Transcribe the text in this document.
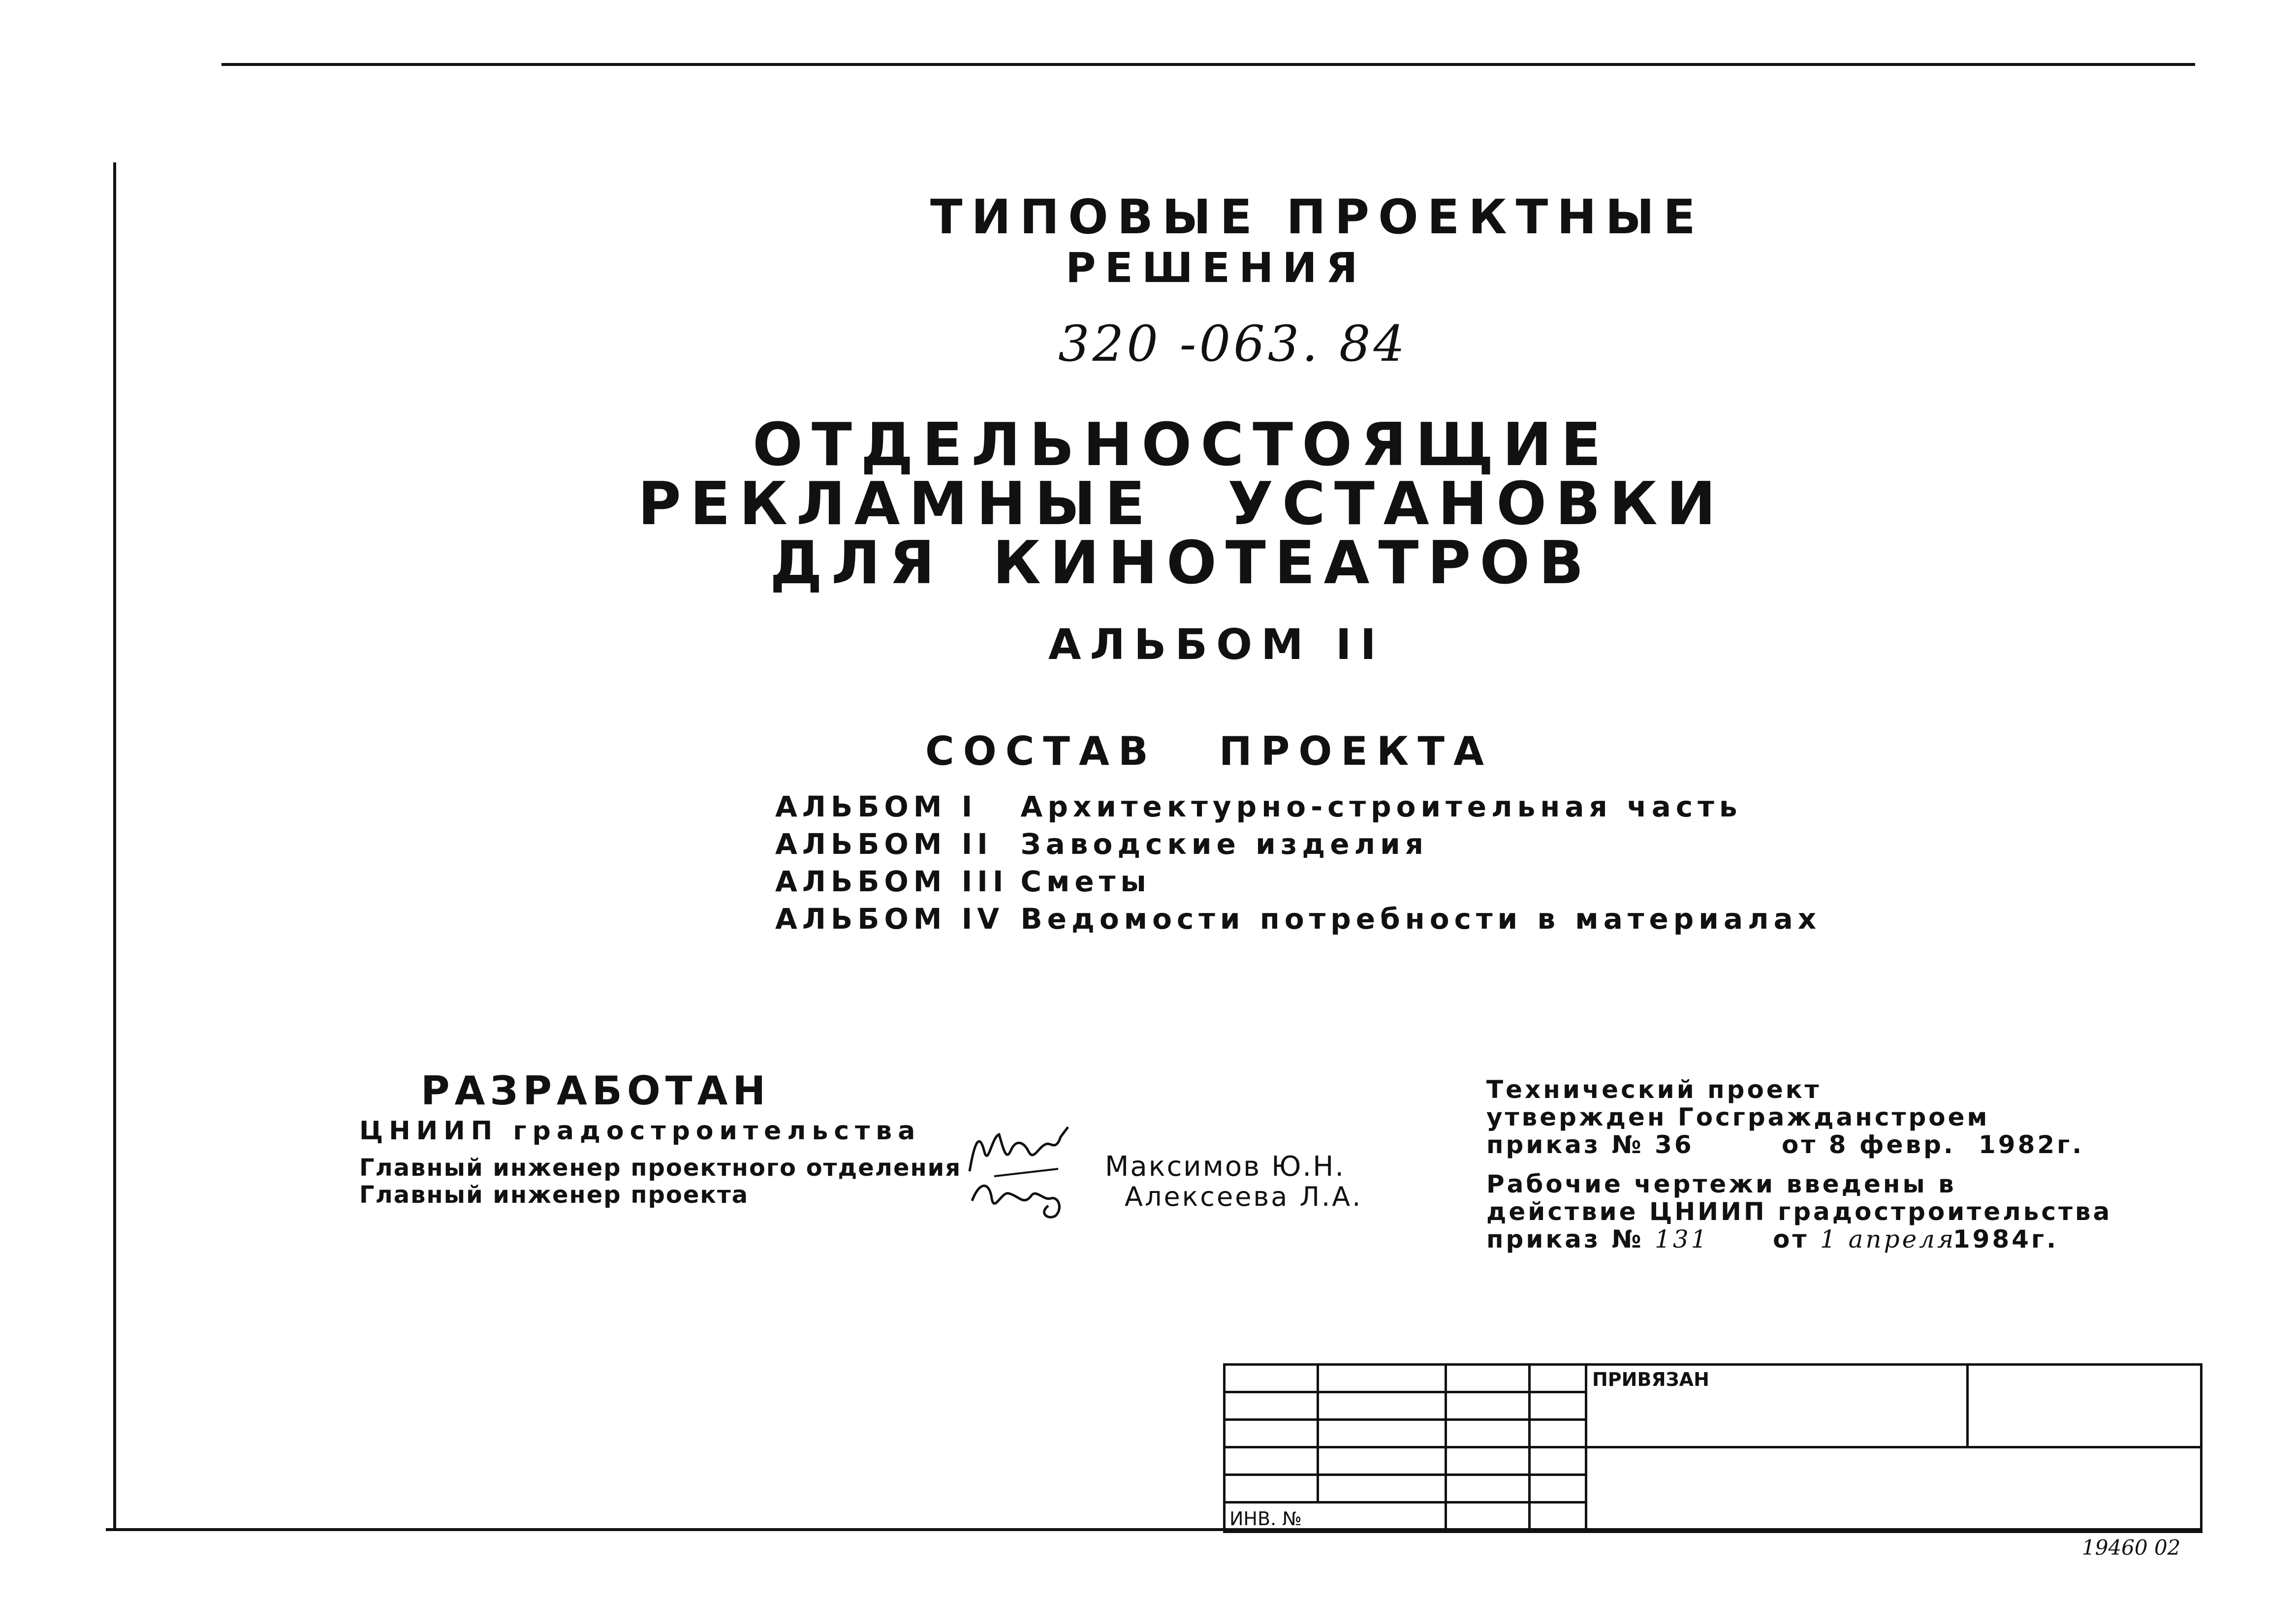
ТИПОВЫЕ ПРОЕКТНЫЕ
РЕШЕНИЯ
320 -063. 84
ОТДЕЛЬНОСТОЯЩИЕ
РЕКЛАМНЫЕ УСТАНОВКИ
ДЛЯ КИНОТЕАТРОВ
АЛЬБОМ II
СОСТАВ ПРОЕКТА
АЛЬБОМ I Архитектурно-строительная часть
АЛЬБОМ II Заводские изделия
АЛЬБОМ III Сметы
АЛЬБОМ IV Ведомости потребности в материалах
РАЗРАБОТАН
ЦНИИП градостроительства
Главный инженер проектного отделения
Главный инженер проекта
Максимов Ю.Н.
Алексеева Л.А.
Технический проект
утвержден Госгражданстроем
приказ № 36	от 8 февр. 1982г.
Рабочие чертежи введены в
действие ЦНИИП градостроительства
приказ № 131	от 1 апреля1984г.

				ПРИВЯЗАН	

ИНВ. №					

19460 02
